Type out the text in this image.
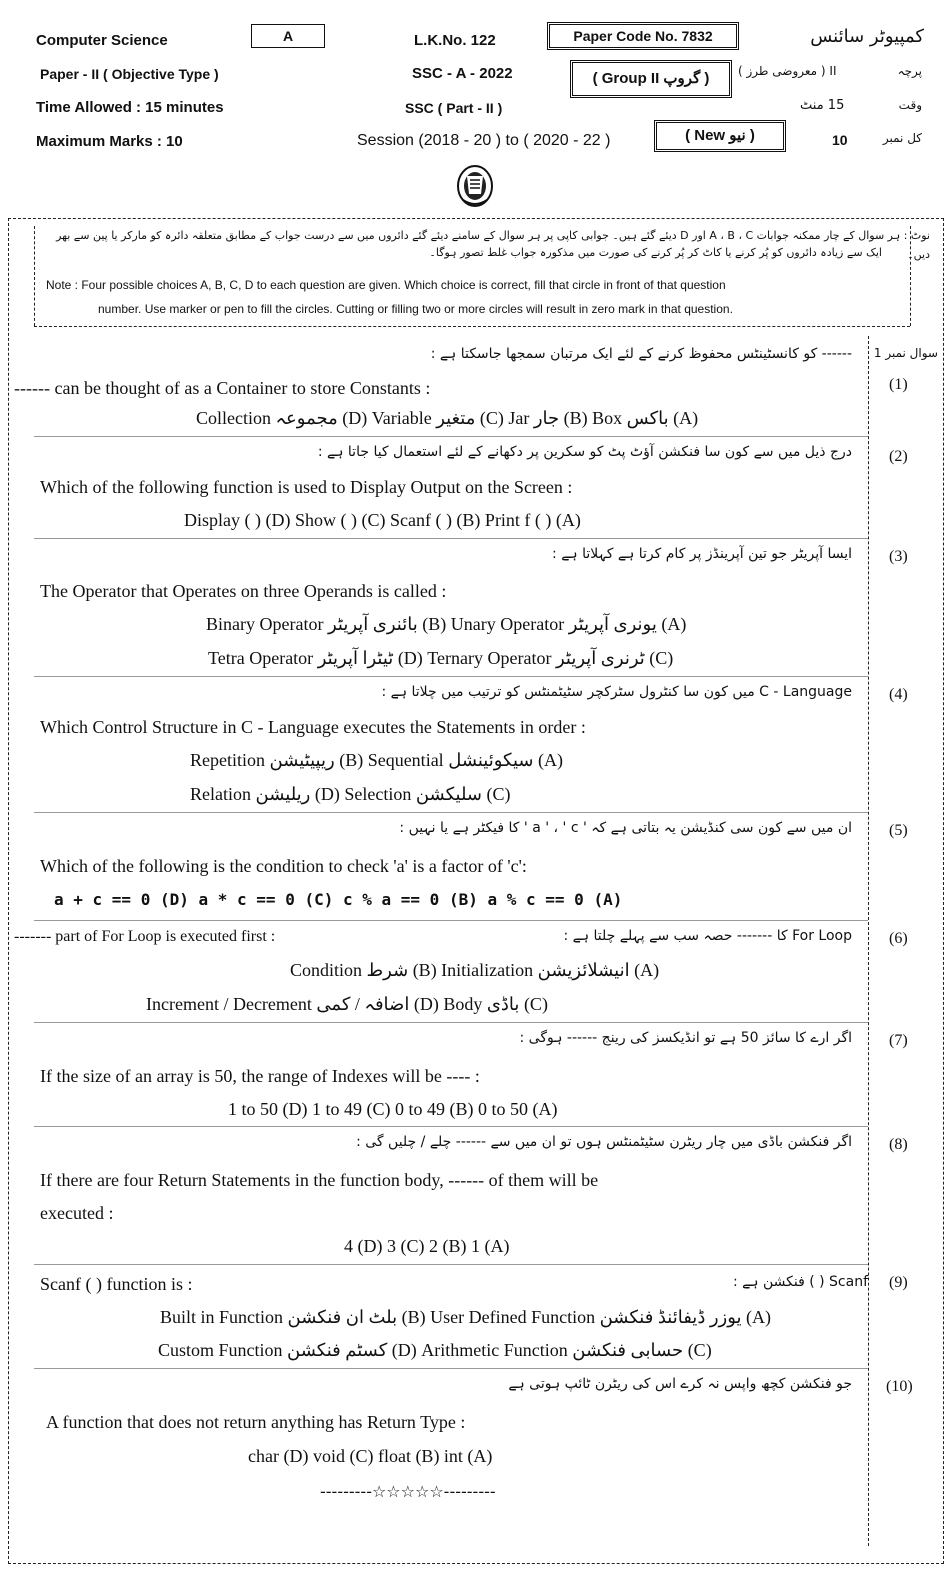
Computer Science	A	L.K.No. 122	Paper Code No. 7832	کمپیوٹر سائنس
Paper - II ( Objective Type )	SSC - A - 2022	( Group II گروپ )	II ( معروضی طرز )	پرچہ
Time Allowed : 15 minutes	SSC ( Part - II )	15 منٹ	وقت
Maximum Marks : 10	Session (2018 - 20 ) to ( 2020 - 22 )	( New نیو )	10	کل نمبر
نوٹ : ہر سوال کے چار ممکنہ جوابات A ، B ، C اور D دیئے گئے ہیں۔ جوابی کاپی پر ہر سوال کے سامنے دیئے گئے دائروں میں سے درست جواب کے مطابق متعلقہ دائرہ کو مارکر یا پین سے بھر دیں۔
ایک سے زیادہ دائروں کو پُر کرنے یا کاٹ کر پُر کرنے کی صورت میں مذکورہ جواب غلط تصور ہوگا۔
Note : Four possible choices A, B, C, D to each question are given. Which choice is correct, fill that circle in front of that question
number. Use marker or pen to fill the circles. Cutting or filling two or more circles will result in zero mark in that question.
سوال نمبر 1
------ کو کانسٹینٹس محفوظ کرنے کے لئے ایک مرتبان سمجھا جاسکتا ہے :
(1)
------ can be thought of as a Container to store Constants :
Collection مجموعہ (D) Variable متغیر (C) Jar جار (B) Box باکس (A)
(2)
درج ذیل میں سے کون سا فنکشن آؤٹ پٹ کو سکرین پر دکھانے کے لئے استعمال کیا جاتا ہے :
Which of the following function is used to Display Output on the Screen :
Display ( ) (D) Show ( ) (C) Scanf ( ) (B) Print f ( ) (A)
(3)
ایسا آپریٹر جو تین آپرینڈز پر کام کرتا ہے کہلاتا ہے :
The Operator that Operates on three Operands is called :
Binary Operator بائنری آپریٹر (B) Unary Operator یونری آپریٹر (A)
Tetra Operator ٹیٹرا آپریٹر (D) Ternary Operator ٹرنری آپریٹر (C)
(4)
C - Language میں کون سا کنٹرول سٹرکچر سٹیٹمنٹس کو ترتیب میں چلاتا ہے :
Which Control Structure in C - Language executes the Statements in order :
Repetition ریپیٹیشن (B) Sequential سیکوئینشل (A)
Relation ریلیشن (D) Selection سلیکشن (C)
(5)
ان میں سے کون سی کنڈیشن یہ بتاتی ہے کہ ' a ' ، ' c ' کا فیکٹر ہے یا نہیں :
Which of the following is the condition to check 'a' is a factor of 'c':
a + c == 0 (D) a * c == 0 (C) c % a == 0 (B) a % c == 0 (A)
(6)
For Loop کا ------- حصہ سب سے پہلے چلتا ہے :
------- part of For Loop is executed first :
Condition شرط (B) Initialization انیشلائزیشن (A)
Increment / Decrement اضافہ / کمی (D) Body باڈی (C)
(7)
اگر ارے کا سائز 50 ہے تو انڈیکسز کی رینج ------ ہوگی :
If the size of an array is 50, the range of Indexes will be ---- :
1 to 50 (D) 1 to 49 (C) 0 to 49 (B) 0 to 50 (A)
(8)
اگر فنکشن باڈی میں چار ریٹرن سٹیٹمنٹس ہوں تو ان میں سے ------ چلے / چلیں گی :
If there are four Return Statements in the function body, ------ of them will be
executed :
4 (D) 3 (C) 2 (B) 1 (A)
(9)
Scanf ( ) فنکشن ہے :
Scanf ( ) function is :
Built in Function بلٹ ان فنکشن (B) User Defined Function یوزر ڈیفائنڈ فنکشن (A)
Custom Function کسٹم فنکشن (D) Arithmetic Function حسابی فنکشن (C)
(10)
جو فنکشن کچھ واپس نہ کرے اس کی ریٹرن ٹائپ ہوتی ہے
A function that does not return anything has Return Type :
char (D) void (C) float (B) int (A)
---------☆☆☆☆☆---------
